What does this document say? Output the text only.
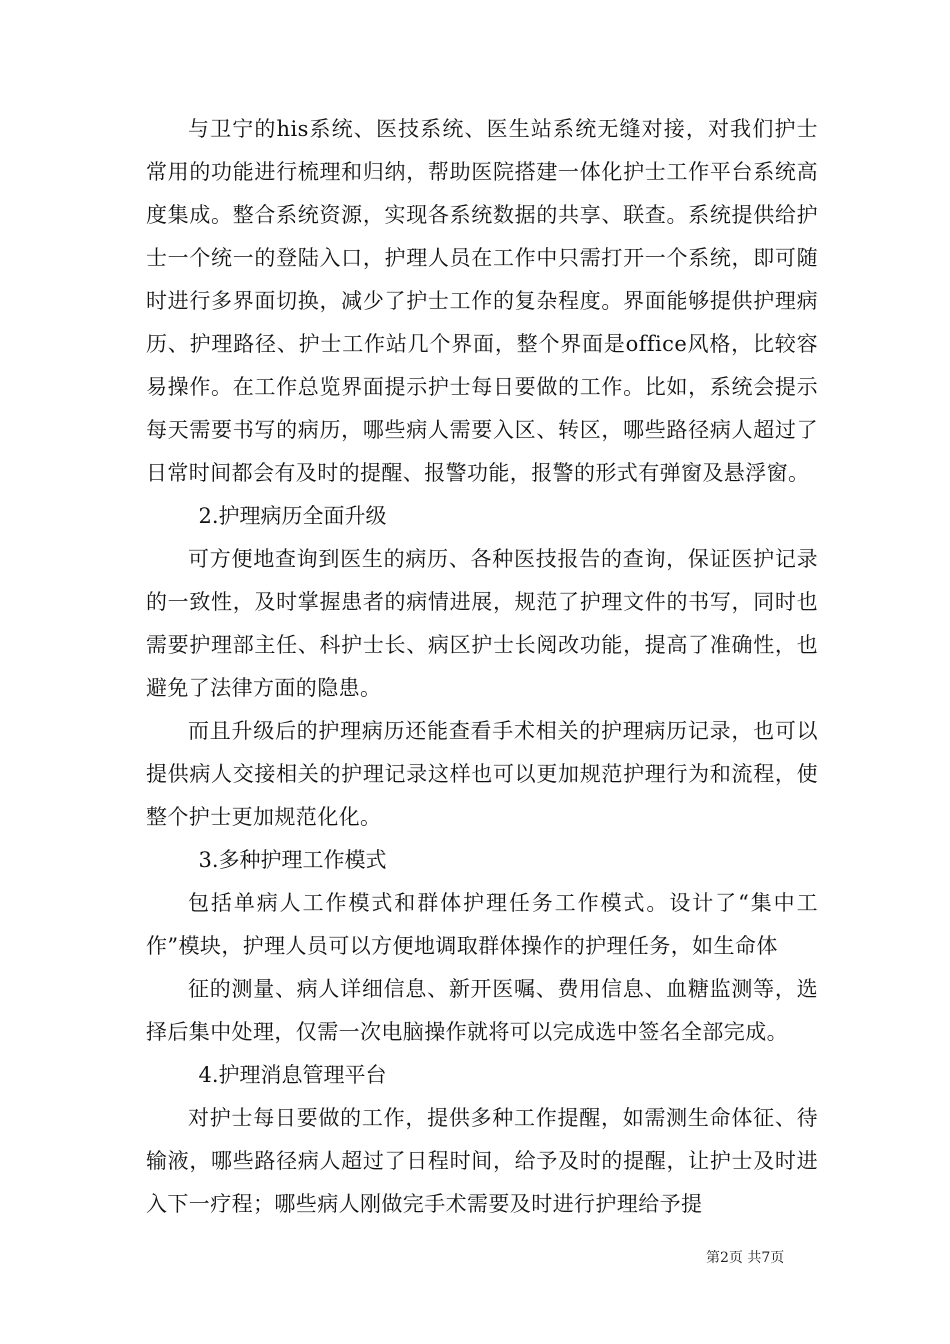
与卫宁的his系统、医技系统、医生站系统无缝对接，对我们护士常用的功能进行梳理和归纳，帮助医院搭建一体化护士工作平台系统高度集成。整合系统资源，实现各系统数据的共享、联查。系统提供给护士一个统一的登陆入口，护理人员在工作中只需打开一个系统，即可随时进行多界面切换，减少了护士工作的复杂程度。界面能够提供护理病历、护理路径、护士工作站几个界面，整个界面是office风格，比较容易操作。在工作总览界面提示护士每日要做的工作。比如，系统会提示每天需要书写的病历，哪些病人需要入区、转区，哪些路径病人超过了日常时间都会有及时的提醒、报警功能，报警的形式有弹窗及悬浮窗。

2.护理病历全面升级

可方便地查询到医生的病历、各种医技报告的查询，保证医护记录的一致性，及时掌握患者的病情进展，规范了护理文件的书写，同时也需要护理部主任、科护士长、病区护士长阅改功能，提高了准确性，也避免了法律方面的隐患。

而且升级后的护理病历还能查看手术相关的护理病历记录，也可以提供病人交接相关的护理记录这样也可以更加规范护理行为和流程，使整个护士更加规范化化。

3.多种护理工作模式

包括单病人工作模式和群体护理任务工作模式。设计了“集中工作”模块，护理人员可以方便地调取群体操作的护理任务，如生命体

征的测量、病人详细信息、新开医嘱、费用信息、血糖监测等，选择后集中处理，仅需一次电脑操作就将可以完成选中签名全部完成。

4.护理消息管理平台

对护士每日要做的工作，提供多种工作提醒，如需测生命体征、待输液，哪些路径病人超过了日程时间，给予及时的提醒，让护士及时进入下一疗程；哪些病人刚做完手术需要及时进行护理给予提

第2页 共7页
